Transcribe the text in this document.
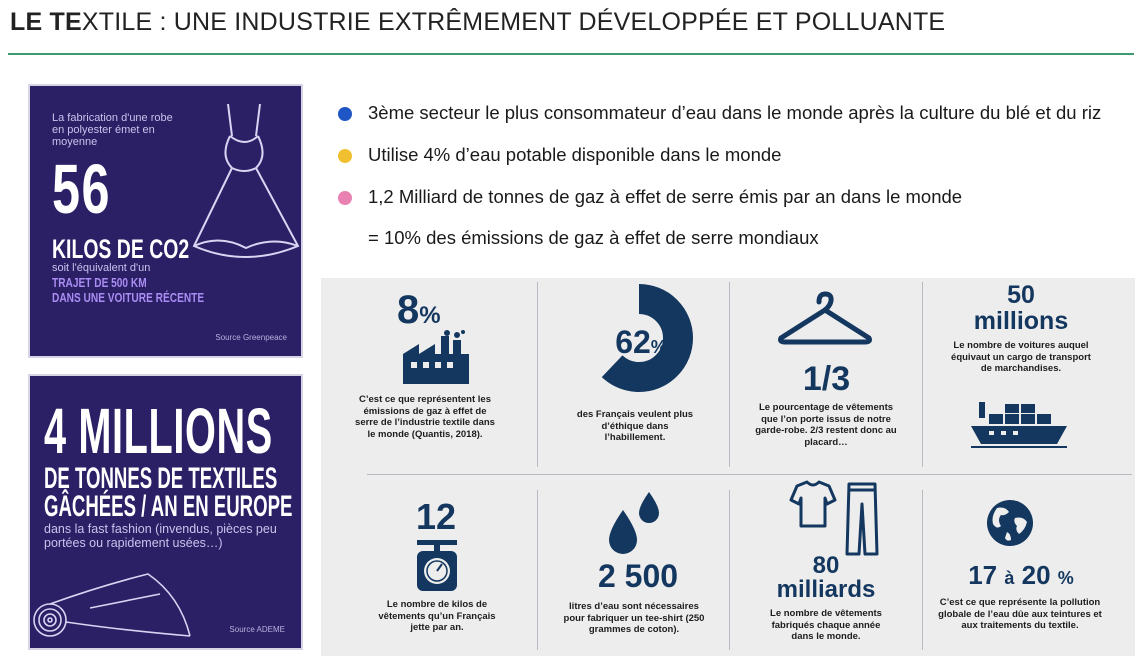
LE TEXTILE : UNE INDUSTRIE EXTRÊMEMENT DÉVELOPPÉE ET POLLUANTE
La fabrication d'une robe en polyester émet en moyenne
56
KILOS DE CO2
soit l'équivalent d'un
TRAJET DE 500 KM
DANS UNE VOITURE RÉCENTE
Source Greenpeace
4 MILLIONS
DE TONNES DE TEXTILES
GÂCHÉES / AN EN EUROPE
dans la fast fashion (invendus, pièces peu portées ou rapidement usées…)
Source ADEME
3ème secteur le plus consommateur d’eau dans le monde après la culture du blé et du riz
Utilise 4% d’eau potable disponible dans le monde
1,2 Milliard de tonnes de gaz à effet de serre émis par an dans le monde
= 10% des émissions de gaz à effet de serre mondiaux
8%
C’est ce que représentent les émissions de gaz à effet de serre de l’industrie textile dans le monde (Quantis, 2018).
62%
des Français veulent plus d’éthique dans l’habillement.
1/3
Le pourcentage de vêtements que l’on porte issus de notre garde-robe. 2/3 restent donc au placard…
50
millions
Le nombre de voitures auquel équivaut un cargo de transport de marchandises.
12
Le nombre de kilos de vêtements qu’un Français jette par an.
2 500
litres d’eau sont nécessaires pour fabriquer un tee-shirt (250 grammes de coton).
80
milliards
Le nombre de vêtements fabriqués chaque année dans le monde.
17 à 20 %
C’est ce que représente la pollution globale de l’eau dûe aux teintures et aux traitements du textile.
